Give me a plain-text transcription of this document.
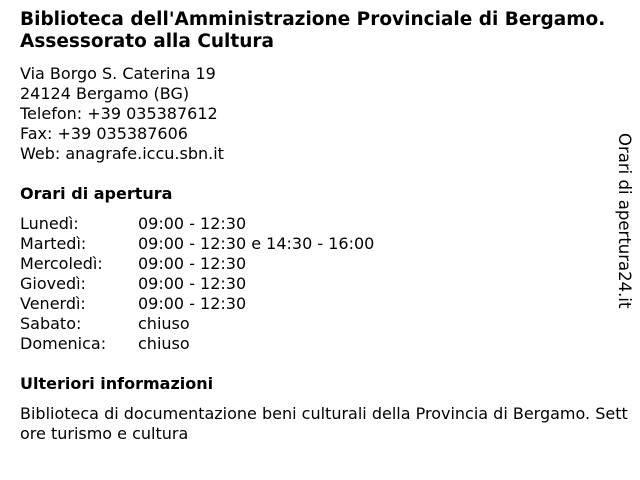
Biblioteca dell'Amministrazione Provinciale di Bergamo. Assessorato alla Cultura
Via Borgo S. Caterina 19
24124 Bergamo (BG)
Telefon: +39 035387612
Fax: +39 035387606
Web: anagrafe.iccu.sbn.it
Orari di apertura
Lunedì:	09:00 - 12:30
Martedì:	09:00 - 12:30 e 14:30 - 16:00
Mercoledì: 09:00 - 12:30
Giovedì:	09:00 - 12:30
Venerdì:	09:00 - 12:30
Sabato:	chiuso
Domenica: chiuso
Ulteriori informazioni
Biblioteca di documentazione beni culturali della Provincia di Bergamo. Settore turismo e cultura
Orari di apertura24.it
